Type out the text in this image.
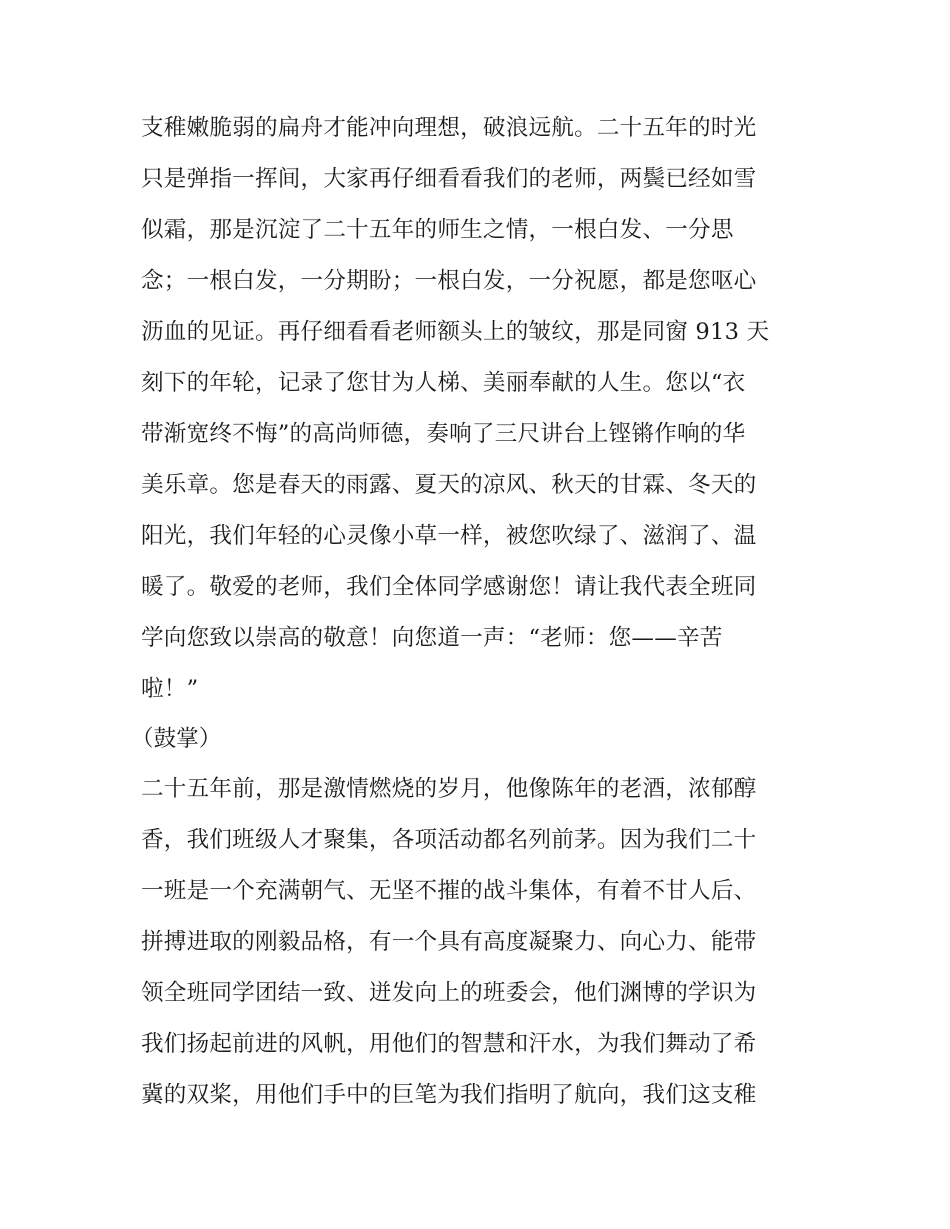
支稚嫩脆弱的扁舟才能冲向理想，破浪远航。二十五年的时光
只是弹指一挥间，大家再仔细看看我们的老师，两鬓已经如雪
似霜，那是沉淀了二十五年的师生之情，一根白发、一分思
念；一根白发，一分期盼；一根白发，一分祝愿，都是您呕心
沥血的见证。再仔细看看老师额头上的皱纹，那是同窗 913 天
刻下的年轮，记录了您甘为人梯、美丽奉献的人生。您以“衣
带渐宽终不悔”的高尚师德，奏响了三尺讲台上铿锵作响的华
美乐章。您是春天的雨露、夏天的凉风、秋天的甘霖、冬天的
阳光，我们年轻的心灵像小草一样，被您吹绿了、滋润了、温
暖了。敬爱的老师，我们全体同学感谢您！请让我代表全班同
学向您致以崇高的敬意！向您道一声：“老师：您——辛苦
啦！”
（鼓掌）
二十五年前，那是激情燃烧的岁月，他像陈年的老酒，浓郁醇
香，我们班级人才聚集，各项活动都名列前茅。因为我们二十
一班是一个充满朝气、无坚不摧的战斗集体，有着不甘人后、
拼搏进取的刚毅品格，有一个具有高度凝聚力、向心力、能带
领全班同学团结一致、迸发向上的班委会，他们渊博的学识为
我们扬起前进的风帆，用他们的智慧和汗水，为我们舞动了希
冀的双桨，用他们手中的巨笔为我们指明了航向，我们这支稚
